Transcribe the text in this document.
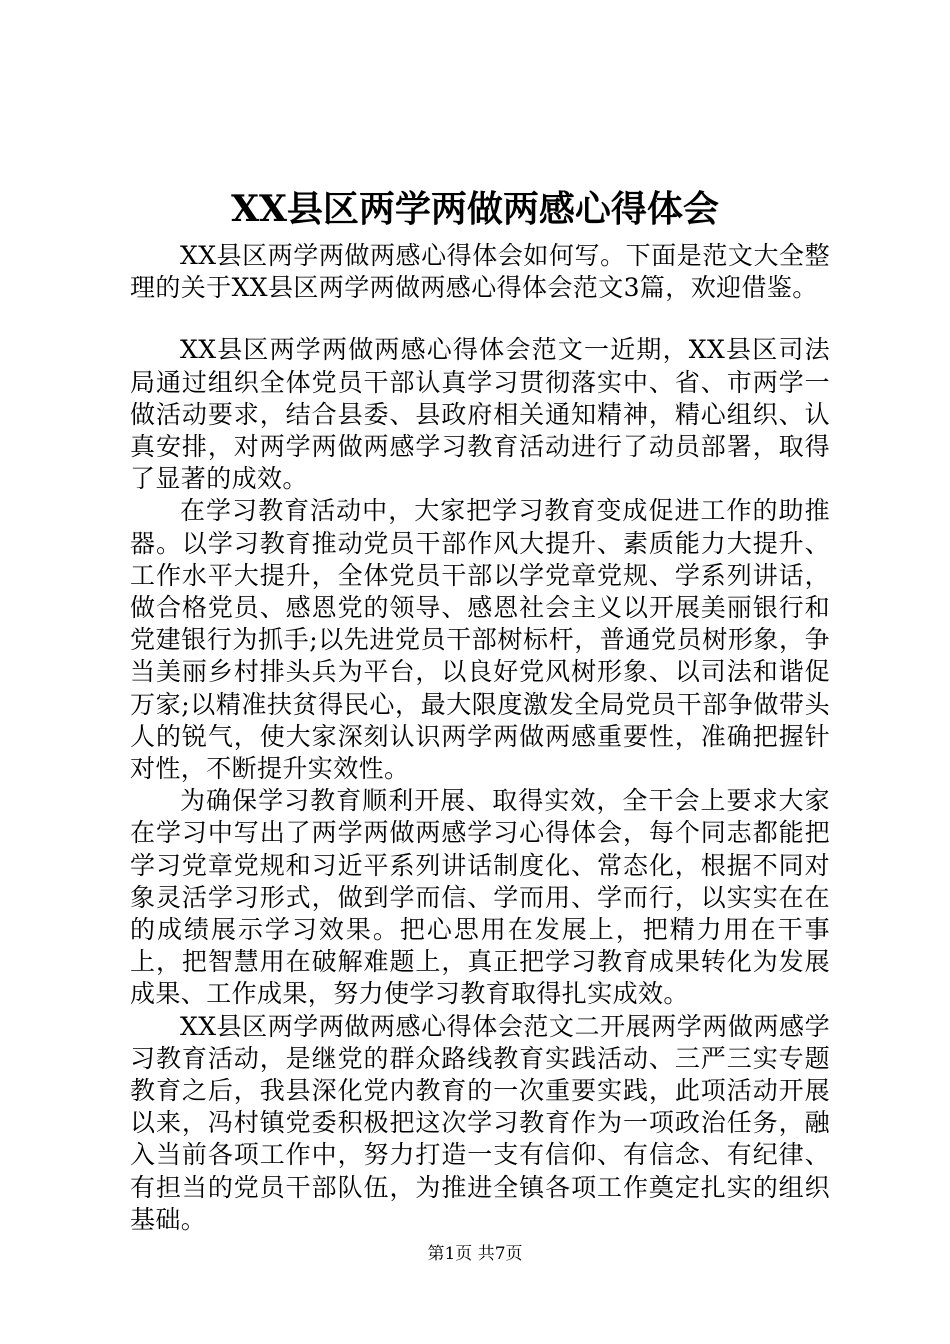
XX县区两学两做两感心得体会

XX县区两学两做两感心得体会如何写。下面是范文大全整理的关于XX县区两学两做两感心得体会范文3篇，欢迎借鉴。

XX县区两学两做两感心得体会范文一近期，XX县区司法局通过组织全体党员干部认真学习贯彻落实中、省、市两学一做活动要求，结合县委、县政府相关通知精神，精心组织、认真安排，对两学两做两感学习教育活动进行了动员部署，取得了显著的成效。

在学习教育活动中，大家把学习教育变成促进工作的助推器。以学习教育推动党员干部作风大提升、素质能力大提升、工作水平大提升，全体党员干部以学党章党规、学系列讲话，做合格党员、感恩党的领导、感恩社会主义以开展美丽银行和党建银行为抓手;以先进党员干部树标杆，普通党员树形象，争当美丽乡村排头兵为平台，以良好党风树形象、以司法和谐促万家;以精准扶贫得民心，最大限度激发全局党员干部争做带头人的锐气，使大家深刻认识两学两做两感重要性，准确把握针对性，不断提升实效性。

为确保学习教育顺利开展、取得实效，全干会上要求大家在学习中写出了两学两做两感学习心得体会，每个同志都能把学习党章党规和习近平系列讲话制度化、常态化，根据不同对象灵活学习形式，做到学而信、学而用、学而行，以实实在在的成绩展示学习效果。把心思用在发展上，把精力用在干事上，把智慧用在破解难题上，真正把学习教育成果转化为发展成果、工作成果，努力使学习教育取得扎实成效。

XX县区两学两做两感心得体会范文二开展两学两做两感学习教育活动，是继党的群众路线教育实践活动、三严三实专题教育之后，我县深化党内教育的一次重要实践，此项活动开展以来，冯村镇党委积极把这次学习教育作为一项政治任务，融入当前各项工作中，努力打造一支有信仰、有信念、有纪律、有担当的党员干部队伍，为推进全镇各项工作奠定扎实的组织基础。

第1页 共7页
